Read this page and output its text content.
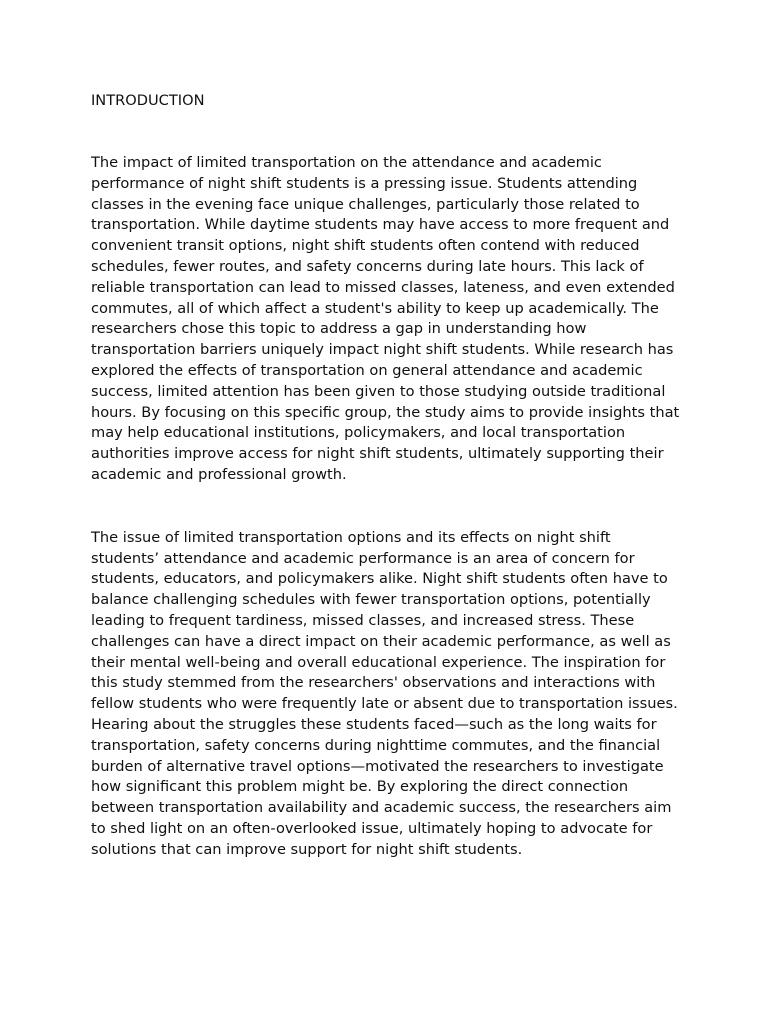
INTRODUCTION

The impact of limited transportation on the attendance and academic performance of night shift students is a pressing issue. Students attending classes in the evening face unique challenges, particularly those related to transportation. While daytime students may have access to more frequent and convenient transit options, night shift students often contend with reduced schedules, fewer routes, and safety concerns during late hours. This lack of reliable transportation can lead to missed classes, lateness, and even extended commutes, all of which affect a student's ability to keep up academically. The researchers chose this topic to address a gap in understanding how transportation barriers uniquely impact night shift students. While research has explored the effects of transportation on general attendance and academic success, limited attention has been given to those studying outside traditional hours. By focusing on this specific group, the study aims to provide insights that may help educational institutions, policymakers, and local transportation authorities improve access for night shift students, ultimately supporting their academic and professional growth.

The issue of limited transportation options and its effects on night shift students’ attendance and academic performance is an area of concern for students, educators, and policymakers alike. Night shift students often have to balance challenging schedules with fewer transportation options, potentially leading to frequent tardiness, missed classes, and increased stress. These challenges can have a direct impact on their academic performance, as well as their mental well-being and overall educational experience. The inspiration for this study stemmed from the researchers' observations and interactions with fellow students who were frequently late or absent due to transportation issues. Hearing about the struggles these students faced—such as the long waits for transportation, safety concerns during nighttime commutes, and the financial burden of alternative travel options—motivated the researchers to investigate how significant this problem might be. By exploring the direct connection between transportation availability and academic success, the researchers aim to shed light on an often-overlooked issue, ultimately hoping to advocate for solutions that can improve support for night shift students.
